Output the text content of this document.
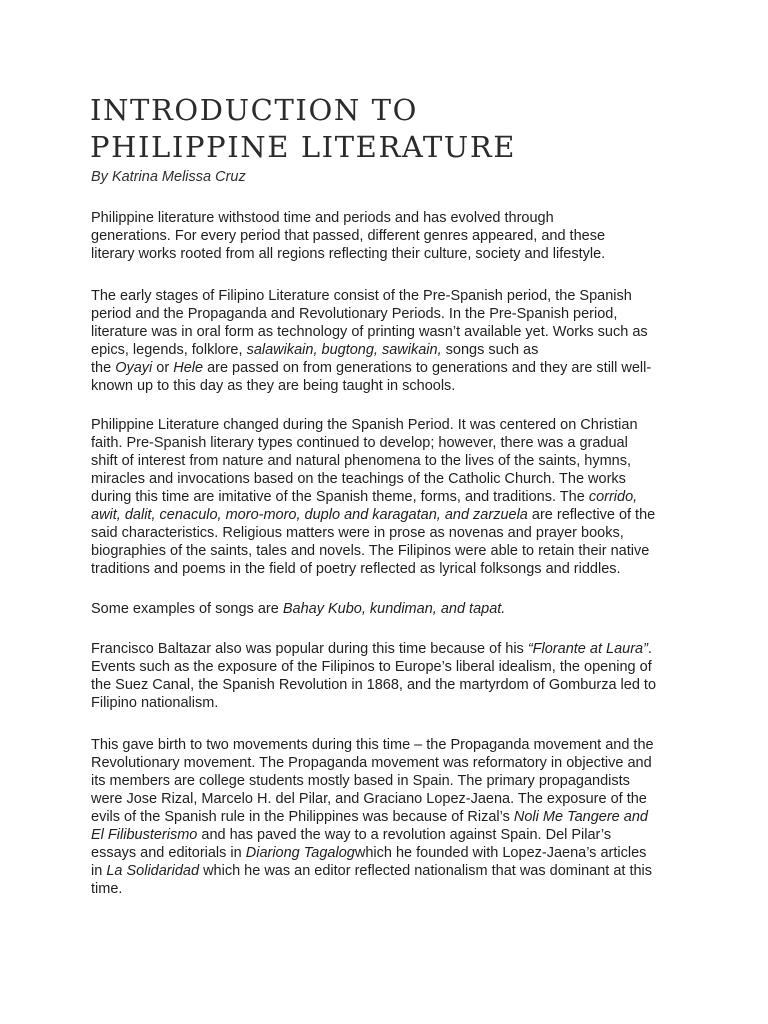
INTRODUCTION TO
PHILIPPINE LITERATURE
By Katrina Melissa Cruz

Philippine literature withstood time and periods and has evolved through
generations. For every period that passed, different genres appeared, and these
literary works rooted from all regions reflecting their culture, society and lifestyle.

The early stages of Filipino Literature consist of the Pre-Spanish period, the Spanish
period and the Propaganda and Revolutionary Periods. In the Pre-Spanish period,
literature was in oral form as technology of printing wasn’t available yet. Works such as
epics, legends, folklore, salawikain, bugtong, sawikain, songs such as
the Oyayi or Hele are passed on from generations to generations and they are still well-
known up to this day as they are being taught in schools.

Philippine Literature changed during the Spanish Period. It was centered on Christian
faith. Pre-Spanish literary types continued to develop; however, there was a gradual
shift of interest from nature and natural phenomena to the lives of the saints, hymns,
miracles and invocations based on the teachings of the Catholic Church. The works
during this time are imitative of the Spanish theme, forms, and traditions. The corrido,
awit, dalit, cenaculo, moro-moro, duplo and karagatan, and zarzuela are reflective of the
said characteristics. Religious matters were in prose as novenas and prayer books,
biographies of the saints, tales and novels. The Filipinos were able to retain their native
traditions and poems in the field of poetry reflected as lyrical folksongs and riddles.

Some examples of songs are Bahay Kubo, kundiman, and tapat.

Francisco Baltazar also was popular during this time because of his “Florante at Laura”.
Events such as the exposure of the Filipinos to Europe’s liberal idealism, the opening of
the Suez Canal, the Spanish Revolution in 1868, and the martyrdom of Gomburza led to
Filipino nationalism.

This gave birth to two movements during this time – the Propaganda movement and the
Revolutionary movement. The Propaganda movement was reformatory in objective and
its members are college students mostly based in Spain. The primary propagandists
were Jose Rizal, Marcelo H. del Pilar, and Graciano Lopez-Jaena. The exposure of the
evils of the Spanish rule in the Philippines was because of Rizal’s Noli Me Tangere and
El Filibusterismo and has paved the way to a revolution against Spain. Del Pilar’s
essays and editorials in Diariong Tagalogwhich he founded with Lopez-Jaena’s articles
in La Solidaridad which he was an editor reflected nationalism that was dominant at this
time.
